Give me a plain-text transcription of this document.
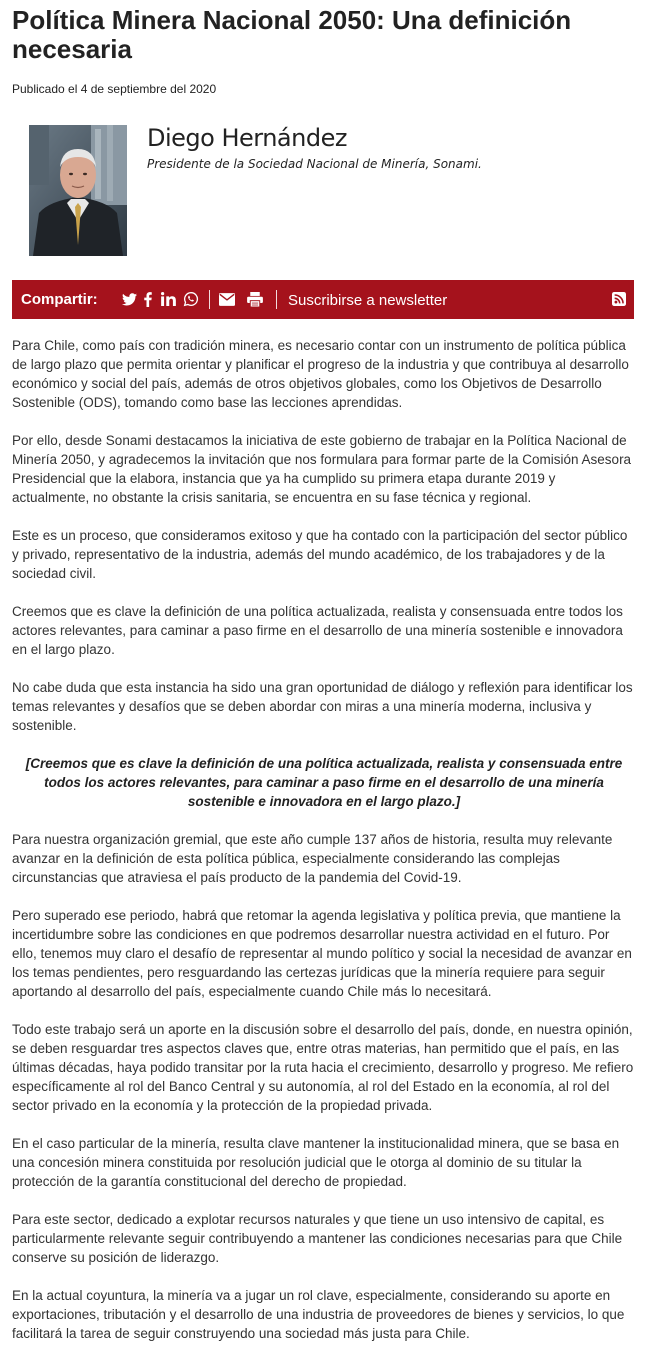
Política Minera Nacional 2050: Una definición necesaria
Publicado el 4 de septiembre del 2020
Diego Hernández
Presidente de la Sociedad Nacional de Minería, Sonami.
Compartir:	Suscribirse a newsletter

Para Chile, como país con tradición minera, es necesario contar con un instrumento de política pública de largo plazo que permita orientar y planificar el progreso de la industria y que contribuya al desarrollo económico y social del país, además de otros objetivos globales, como los Objetivos de Desarrollo Sostenible (ODS), tomando como base las lecciones aprendidas.

Por ello, desde Sonami destacamos la iniciativa de este gobierno de trabajar en la Política Nacional de Minería 2050, y agradecemos la invitación que nos formulara para formar parte de la Comisión Asesora Presidencial que la elabora, instancia que ya ha cumplido su primera etapa durante 2019 y actualmente, no obstante la crisis sanitaria, se encuentra en su fase técnica y regional.

Este es un proceso, que consideramos exitoso y que ha contado con la participación del sector público y privado, representativo de la industria, además del mundo académico, de los trabajadores y de la sociedad civil.

Creemos que es clave la definición de una política actualizada, realista y consensuada entre todos los actores relevantes, para caminar a paso firme en el desarrollo de una minería sostenible e innovadora en el largo plazo.

No cabe duda que esta instancia ha sido una gran oportunidad de diálogo y reflexión para identificar los temas relevantes y desafíos que se deben abordar con miras a una minería moderna, inclusiva y sostenible.

[Creemos que es clave la definición de una política actualizada, realista y consensuada entre todos los actores relevantes, para caminar a paso firme en el desarrollo de una minería sostenible e innovadora en el largo plazo.]

Para nuestra organización gremial, que este año cumple 137 años de historia, resulta muy relevante avanzar en la definición de esta política pública, especialmente considerando las complejas circunstancias que atraviesa el país producto de la pandemia del Covid-19.

Pero superado ese periodo, habrá que retomar la agenda legislativa y política previa, que mantiene la incertidumbre sobre las condiciones en que podremos desarrollar nuestra actividad en el futuro. Por ello, tenemos muy claro el desafío de representar al mundo político y social la necesidad de avanzar en los temas pendientes, pero resguardando las certezas jurídicas que la minería requiere para seguir aportando al desarrollo del país, especialmente cuando Chile más lo necesitará.

Todo este trabajo será un aporte en la discusión sobre el desarrollo del país, donde, en nuestra opinión, se deben resguardar tres aspectos claves que, entre otras materias, han permitido que el país, en las últimas décadas, haya podido transitar por la ruta hacia el crecimiento, desarrollo y progreso. Me refiero específicamente al rol del Banco Central y su autonomía, al rol del Estado en la economía, al rol del sector privado en la economía y la protección de la propiedad privada.

En el caso particular de la minería, resulta clave mantener la institucionalidad minera, que se basa en una concesión minera constituida por resolución judicial que le otorga al dominio de su titular la protección de la garantía constitucional del derecho de propiedad.

Para este sector, dedicado a explotar recursos naturales y que tiene un uso intensivo de capital, es particularmente relevante seguir contribuyendo a mantener las condiciones necesarias para que Chile conserve su posición de liderazgo.

En la actual coyuntura, la minería va a jugar un rol clave, especialmente, considerando su aporte en exportaciones, tributación y el desarrollo de una industria de proveedores de bienes y servicios, lo que facilitará la tarea de seguir construyendo una sociedad más justa para Chile.
